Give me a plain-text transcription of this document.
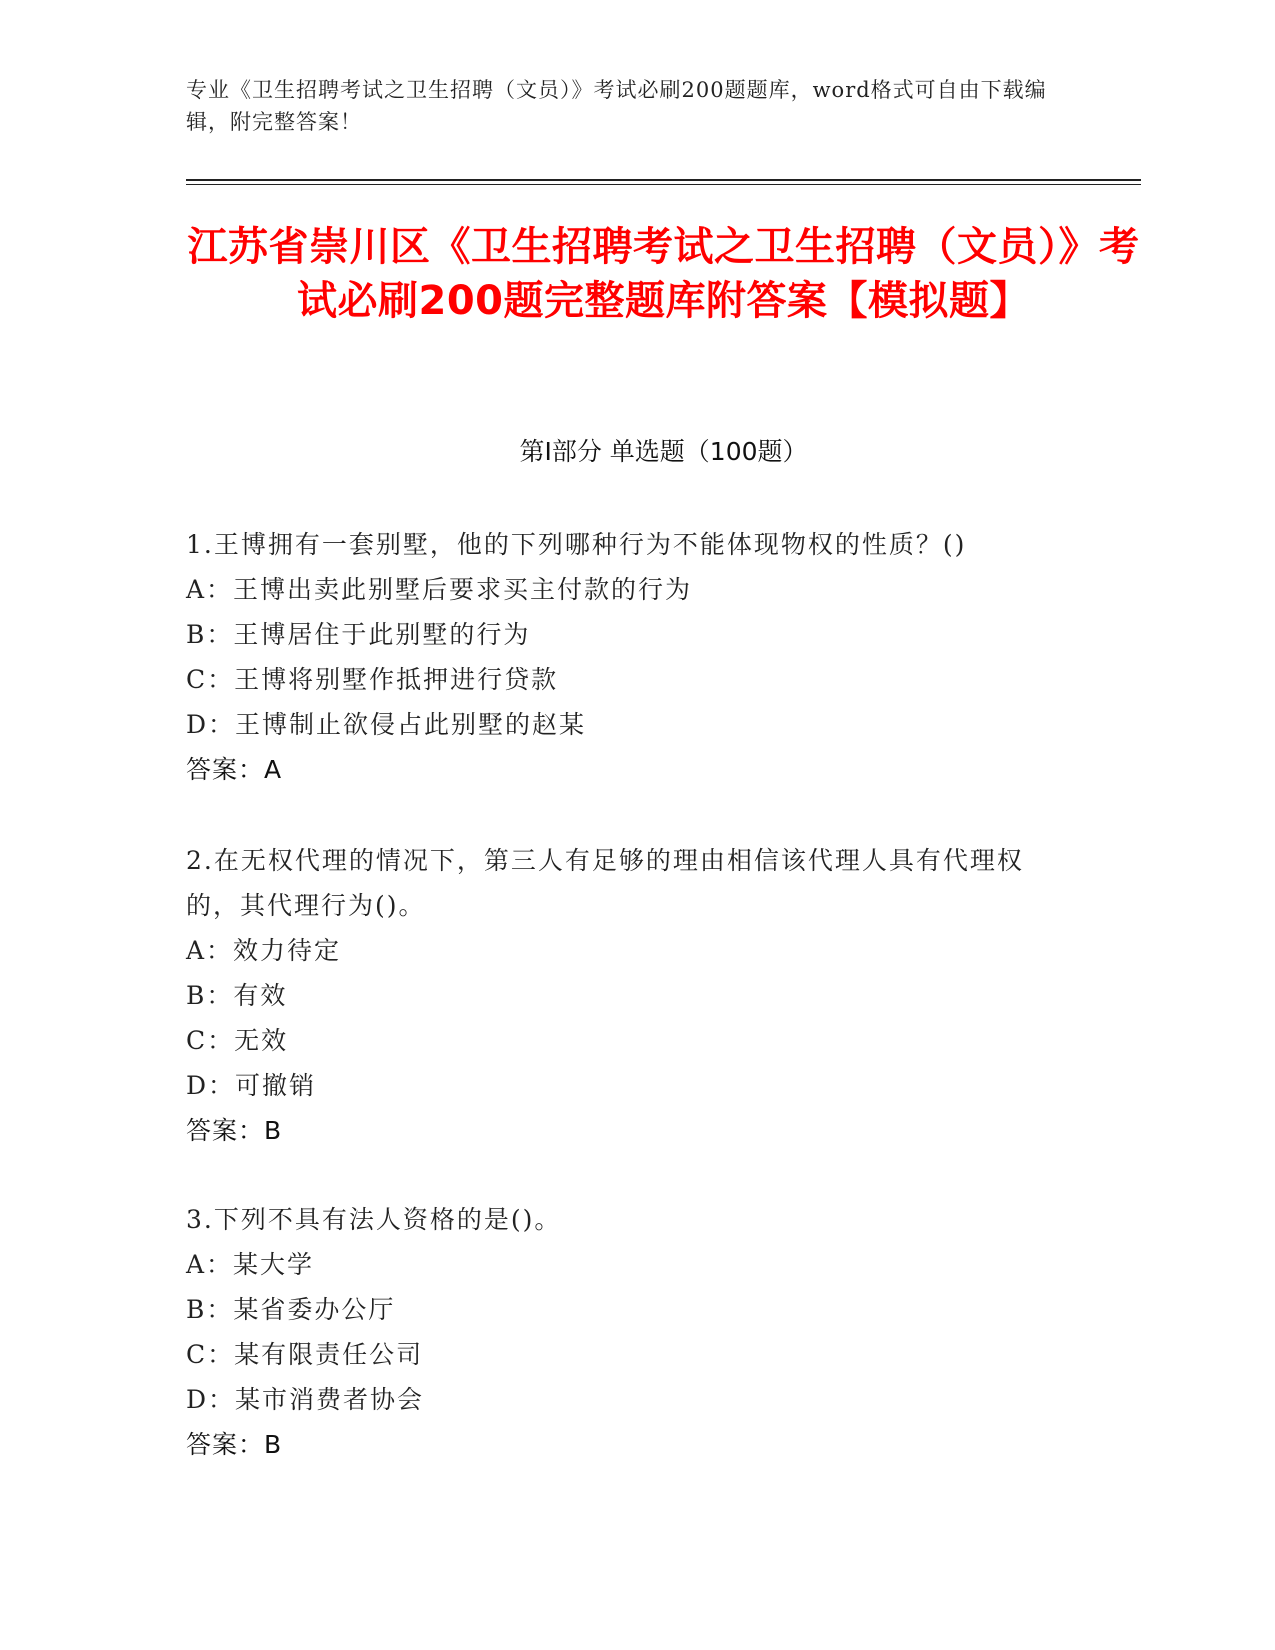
专业《卫生招聘考试之卫生招聘（文员）》考试必刷200题题库，word格式可自由下载编辑，附完整答案！
江苏省崇川区《卫生招聘考试之卫生招聘（文员）》考试必刷200题完整题库附答案【模拟题】
第I部分 单选题（100题）
1.王博拥有一套别墅，他的下列哪种行为不能体现物权的性质？()
A：王博出卖此别墅后要求买主付款的行为
B：王博居住于此别墅的行为
C：王博将别墅作抵押进行贷款
D：王博制止欲侵占此别墅的赵某
答案：A
2.在无权代理的情况下，第三人有足够的理由相信该代理人具有代理权的，其代理行为()。
A：效力待定
B：有效
C：无效
D：可撤销
答案：B
3.下列不具有法人资格的是()。
A：某大学
B：某省委办公厅
C：某有限责任公司
D：某市消费者协会
答案：B
